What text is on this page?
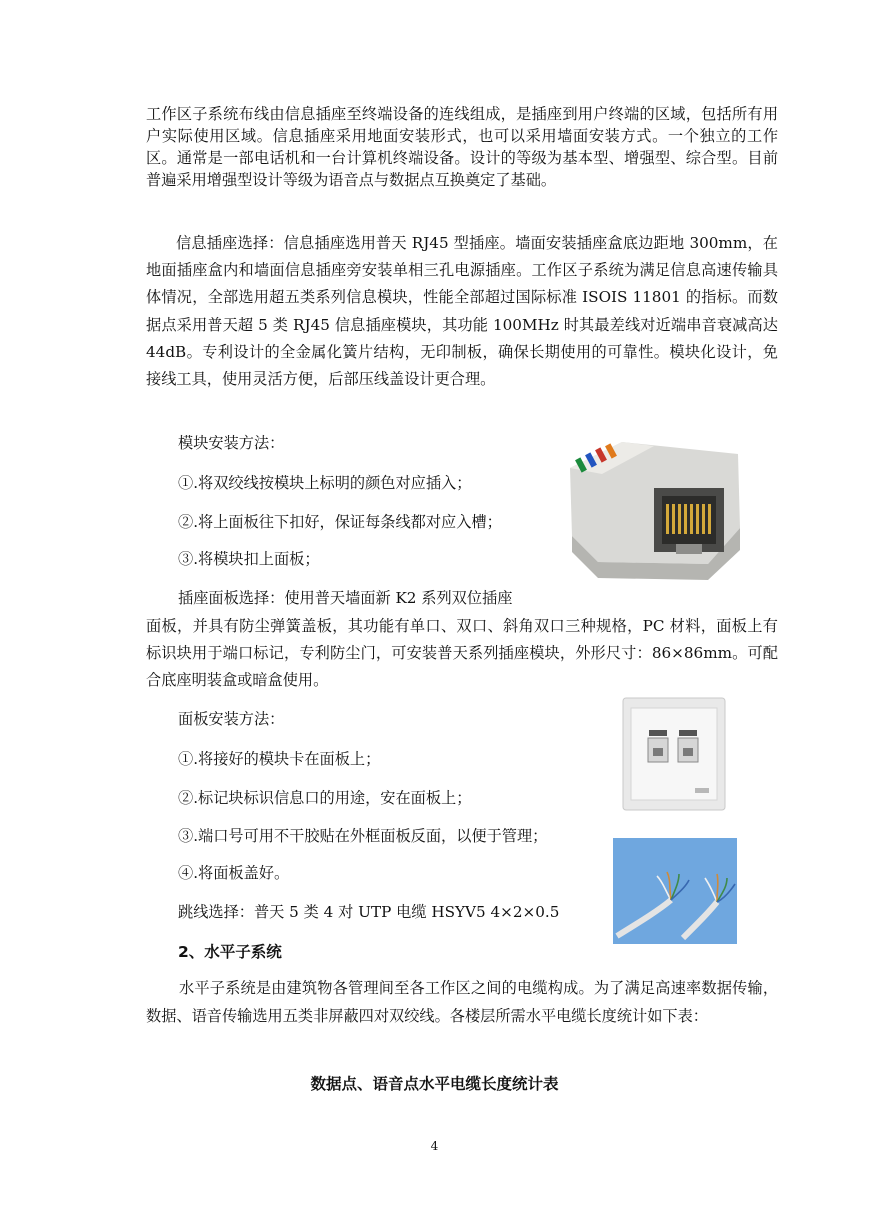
工作区子系统布线由信息插座至终端设备的连线组成，是插座到用户终端的区域，包括所有用户实际使用区域。信息插座采用地面安装形式，也可以采用墙面安装方式。一个独立的工作区。通常是一部电话机和一台计算机终端设备。设计的等级为基本型、增强型、综合型。目前普遍采用增强型设计等级为语音点与数据点互换奠定了基础。

信息插座选择：信息插座选用普天 RJ45 型插座。墙面安装插座盒底边距地 300mm，在地面插座盒内和墙面信息插座旁安装单相三孔电源插座。工作区子系统为满足信息高速传输具体情况，全部选用超五类系列信息模块，性能全部超过国际标准 ISOIS 11801 的指标。而数据点采用普天超 5 类 RJ45 信息插座模块，其功能 100MHz 时其最差线对近端串音衰减高达 44dB。专利设计的全金属化簧片结构，无印制板，确保长期使用的可靠性。模块化设计，免接线工具，使用灵活方便，后部压线盖设计更合理。

模块安装方法：
①.将双绞线按模块上标明的颜色对应插入；
②.将上面板往下扣好，保证每条线都对应入槽；
③.将模块扣上面板；
插座面板选择：使用普天墙面新 K2 系列双位插座

面板，并具有防尘弹簧盖板，其功能有单口、双口、斜角双口三种规格，PC 材料，面板上有标识块用于端口标记，专利防尘门，可安装普天系列插座模块，外形尺寸：86×86mm。可配合底座明装盒或暗盒使用。

面板安装方法：
①.将接好的模块卡在面板上；
②.标记块标识信息口的用途，安在面板上；
③.端口号可用不干胶贴在外框面板反面，以便于管理；
④.将面板盖好。
跳线选择：普天 5 类 4 对 UTP 电缆 HSYV5 4×2×0.5
2、水平子系统

水平子系统是由建筑物各管理间至各工作区之间的电缆构成。为了满足高速率数据传输，数据、语音传输选用五类非屏蔽四对双绞线。各楼层所需水平电缆长度统计如下表：

数据点、语音点水平电缆长度统计表
4
